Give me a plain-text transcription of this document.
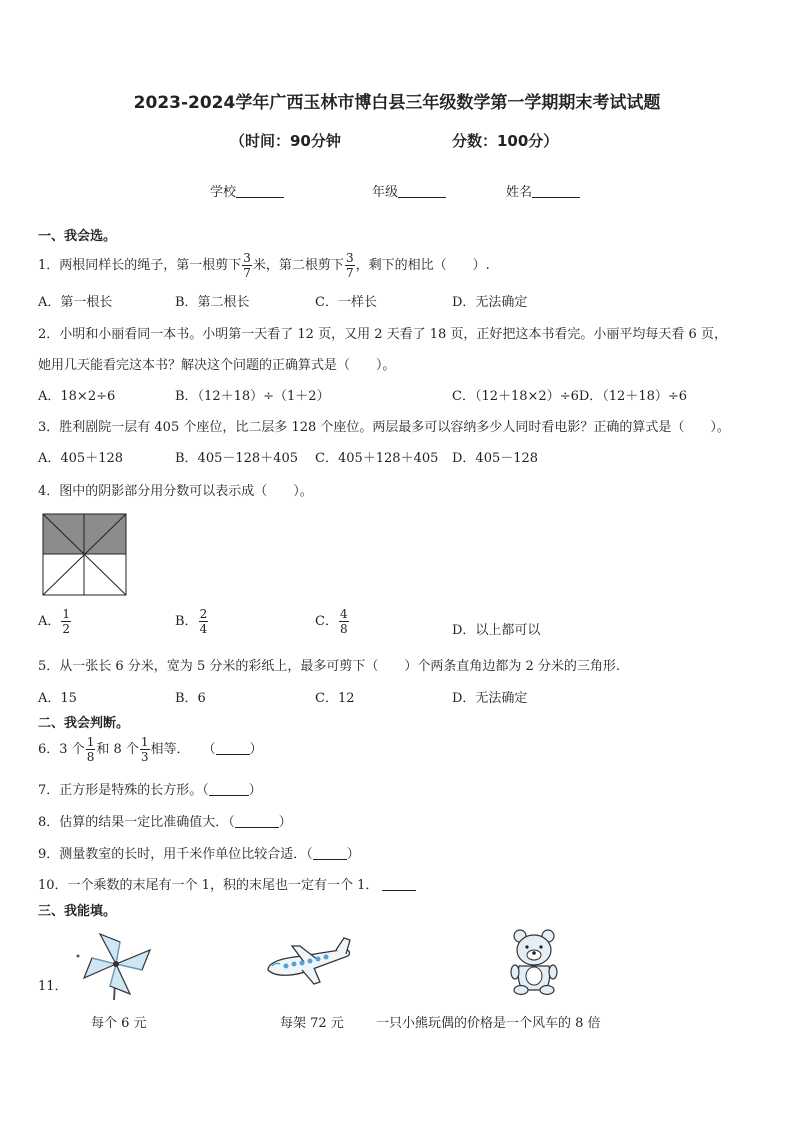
2023-2024学年广西玉林市博白县三年级数学第一学期期末考试试题
（时间：90分钟	分数：100分）
学校	年级	姓名
一、我会选。
1．两根同样长的绳子，第一根剪下 $\frac{3}{7}$ 米，第二根剪下 $\frac{3}{7}$ ，剩下的相比（　　）.
A．第一根长	B．第二根长	C．一样长	D．无法确定
2．小明和小丽看同一本书。小明第一天看了 12 页，又用 2 天看了 18 页，正好把这本书看完。小丽平均每天看 6 页，
她用几天能看完这本书？解决这个问题的正确算式是（　　）。
A．18×2÷6	B．（12＋18）÷（1＋2）	C．（12＋18×2）÷6D．（12＋18）÷6
3．胜利剧院一层有 405 个座位，比二层多 128 个座位。两层最多可以容纳多少人同时看电影？正确的算式是（　　）。
A．405＋128	B．405－128＋405 C．405＋128＋405 D．405－128
4．图中的阴影部分用分数可以表示成（　　）。
A． $\frac{1}{2}$	B． $\frac{2}{4}$	C． $\frac{4}{8}$	D．以上都可以
5．从一张长 6 分米，宽为 5 分米的彩纸上，最多可剪下（　　）个两条直角边都为 2 分米的三角形.
A．15	B．6	C．12	D．无法确定
二、我会判断。
6．3 个 $\frac{1}{8}$ 和 8 个 $\frac{1}{3}$ 相等．　　（	）
7．正方形是特殊的长方形。（	）
8．估算的结果一定比准确值大．（	）
9．测量教室的长时，用千米作单位比较合适．（	）
10．一个乘数的末尾有一个 1，积的末尾也一定有一个 1．
三、我能填。
11．
每个 6 元	每架 72 元 一只小熊玩偶的价格是一个风车的 8 倍
